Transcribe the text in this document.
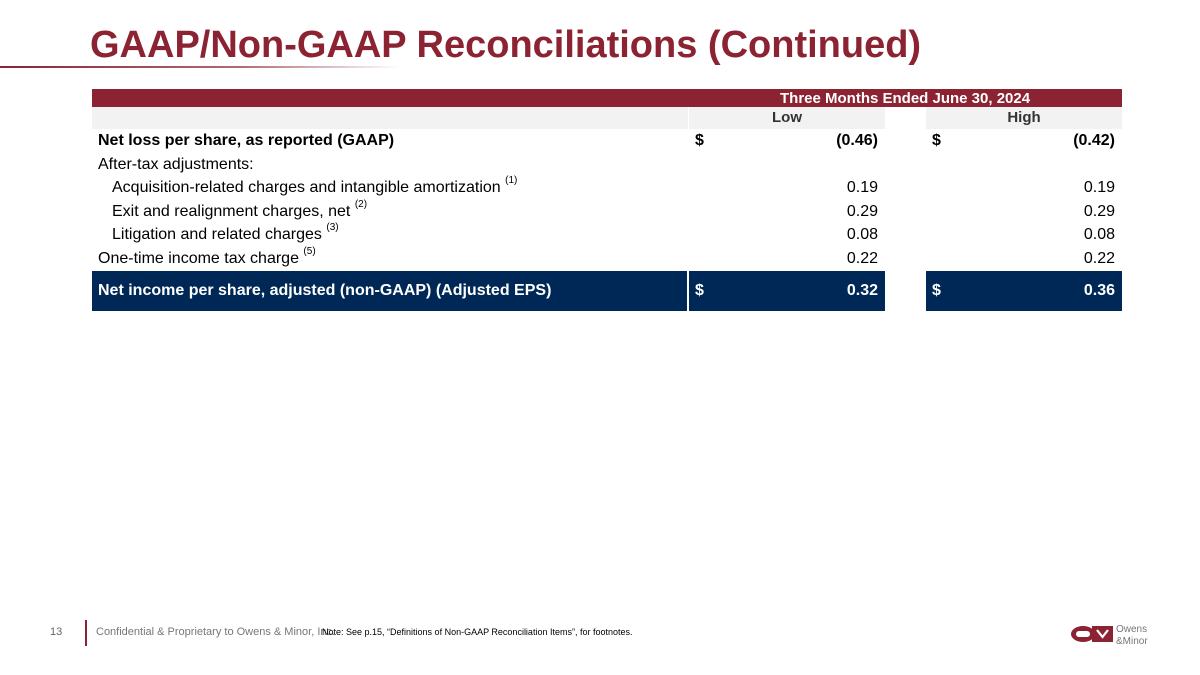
GAAP/Non-GAAP Reconciliations (Continued)
Three Months Ended June 30, 2024
Low	High
Net loss per share, as reported (GAAP)	$	(0.46)	$	(0.42)
After-tax adjustments:
Acquisition-related charges and intangible amortization $^{(1)}$	0.19	0.19
Exit and realignment charges, net $^{(2)}$	0.29	0.29
Litigation and related charges $^{(3)}$	0.08	0.08
One-time income tax charge $^{(5)}$	0.22	0.22
Net income per share, adjusted (non-GAAP) (Adjusted EPS)	$	0.32	$	0.36
13	Confidential & Proprietary to Owens & Minor, Inc.
Note: See p.15, “Definitions of Non-GAAP Reconciliation Items”, for footnotes.	Owens
&Minor
